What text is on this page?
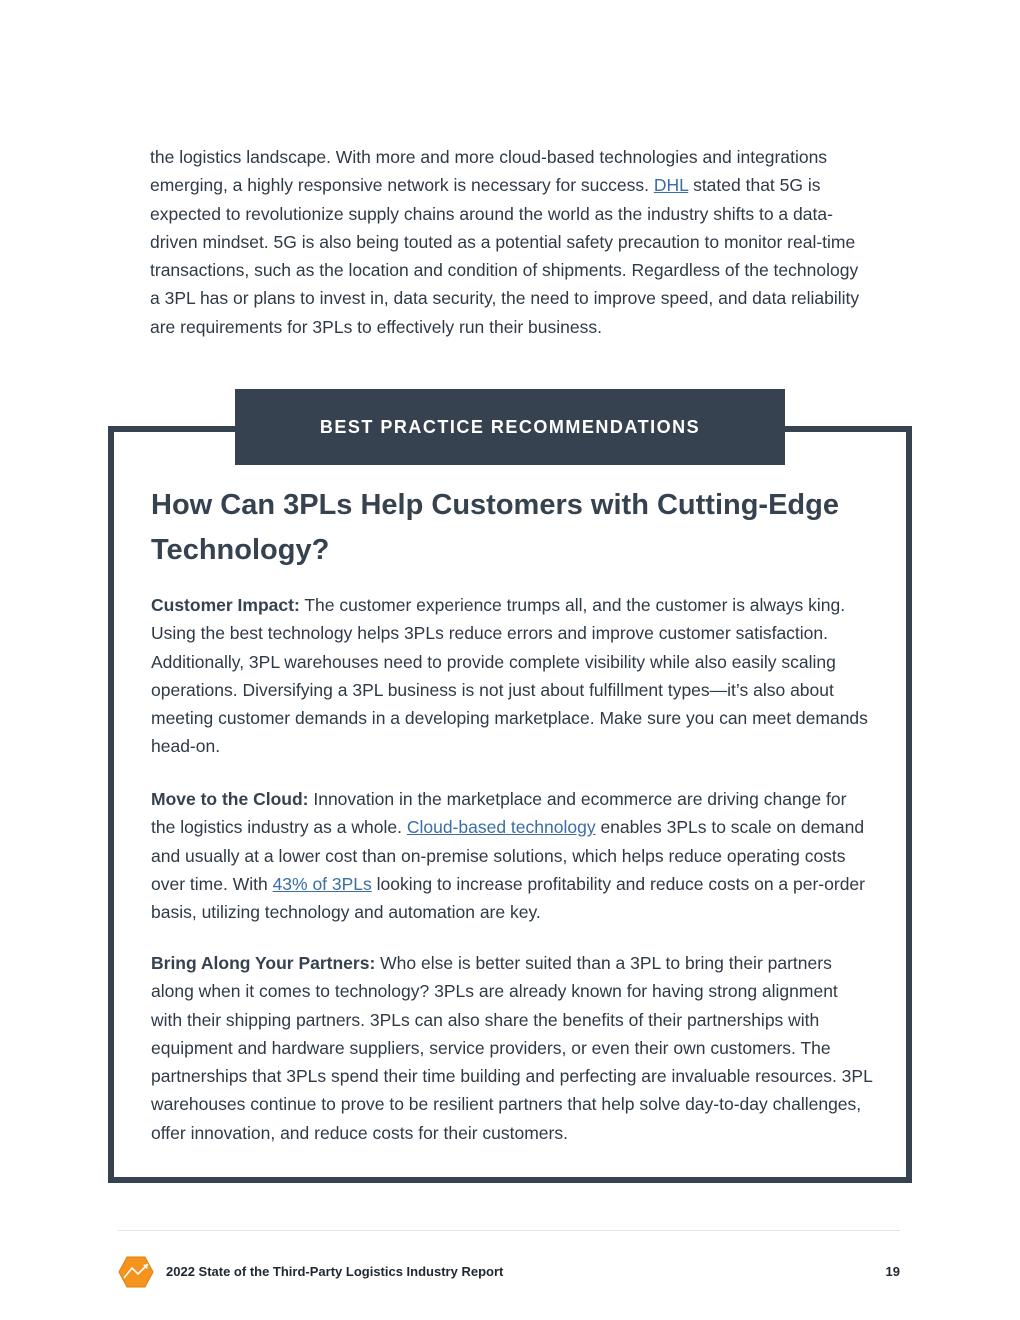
the logistics landscape. With more and more cloud-based technologies and integrations emerging, a highly responsive network is necessary for success. DHL stated that 5G is expected to revolutionize supply chains around the world as the industry shifts to a data-driven mindset. 5G is also being touted as a potential safety precaution to monitor real-time transactions, such as the location and condition of shipments. Regardless of the technology a 3PL has or plans to invest in, data security, the need to improve speed, and data reliability are requirements for 3PLs to effectively run their business.

BEST PRACTICE RECOMMENDATIONS
How Can 3PLs Help Customers with Cutting-Edge Technology?

Customer Impact: The customer experience trumps all, and the customer is always king. Using the best technology helps 3PLs reduce errors and improve customer satisfaction. Additionally, 3PL warehouses need to provide complete visibility while also easily scaling operations. Diversifying a 3PL business is not just about fulfillment types—it’s also about meeting customer demands in a developing marketplace. Make sure you can meet demands head-on.

Move to the Cloud: Innovation in the marketplace and ecommerce are driving change for the logistics industry as a whole. Cloud-based technology enables 3PLs to scale on demand and usually at a lower cost than on-premise solutions, which helps reduce operating costs over time. With 43% of 3PLs looking to increase profitability and reduce costs on a per-order basis, utilizing technology and automation are key.

Bring Along Your Partners: Who else is better suited than a 3PL to bring their partners along when it comes to technology? 3PLs are already known for having strong alignment with their shipping partners. 3PLs can also share the benefits of their partnerships with equipment and hardware suppliers, service providers, or even their own customers. The partnerships that 3PLs spend their time building and perfecting are invaluable resources. 3PL warehouses continue to prove to be resilient partners that help solve day-to-day challenges, offer innovation, and reduce costs for their customers.

2022 State of the Third-Party Logistics Industry Report	19
